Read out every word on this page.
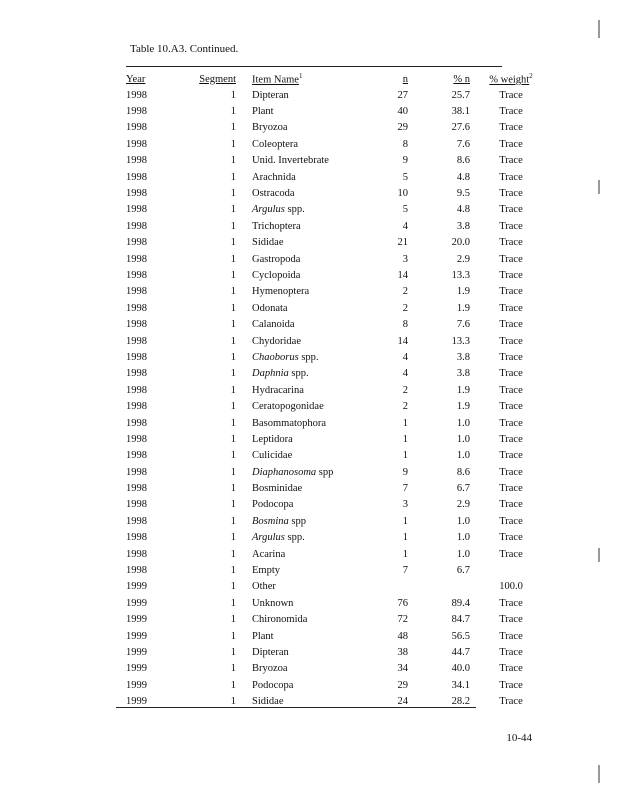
Table 10.A3. Continued.
Year	Segment	Item Name$^1$	n	% n	% weight$^2$
1998	1	Dipteran	27	25.7	Trace
1998	1	Plant	40	38.1	Trace
1998	1	Bryozoa	29	27.6	Trace
1998	1	Coleoptera	8	7.6	Trace
1998	1	Unid. Invertebrate	9	8.6	Trace
1998	1	Arachnida	5	4.8	Trace
1998	1	Ostracoda	10	9.5	Trace
1998	1	Argulus spp.	5	4.8	Trace
1998	1	Trichoptera	4	3.8	Trace
1998	1	Sididae	21	20.0	Trace
1998	1	Gastropoda	3	2.9	Trace
1998	1	Cyclopoida	14	13.3	Trace
1998	1	Hymenoptera	2	1.9	Trace
1998	1	Odonata	2	1.9	Trace
1998	1	Calanoida	8	7.6	Trace
1998	1	Chydoridae	14	13.3	Trace
1998	1	Chaoborus spp.	4	3.8	Trace
1998	1	Daphnia spp.	4	3.8	Trace
1998	1	Hydracarina	2	1.9	Trace
1998	1	Ceratopogonidae	2	1.9	Trace
1998	1	Basommatophora	1	1.0	Trace
1998	1	Leptidora	1	1.0	Trace
1998	1	Culicidae	1	1.0	Trace
1998	1	Diaphanosoma spp	9	8.6	Trace
1998	1	Bosminidae	7	6.7	Trace
1998	1	Podocopa	3	2.9	Trace
1998	1	Bosmina spp	1	1.0	Trace
1998	1	Argulus spp.	1	1.0	Trace
1998	1	Acarina	1	1.0	Trace
1998	1	Empty	7	6.7	
1999	1	Other			100.0
1999	1	Unknown	76	89.4	Trace
1999	1	Chironomida	72	84.7	Trace
1999	1	Plant	48	56.5	Trace
1999	1	Dipteran	38	44.7	Trace
1999	1	Bryozoa	34	40.0	Trace
1999	1	Podocopa	29	34.1	Trace
1999	1	Sididae	24	28.2	Trace
10-44
